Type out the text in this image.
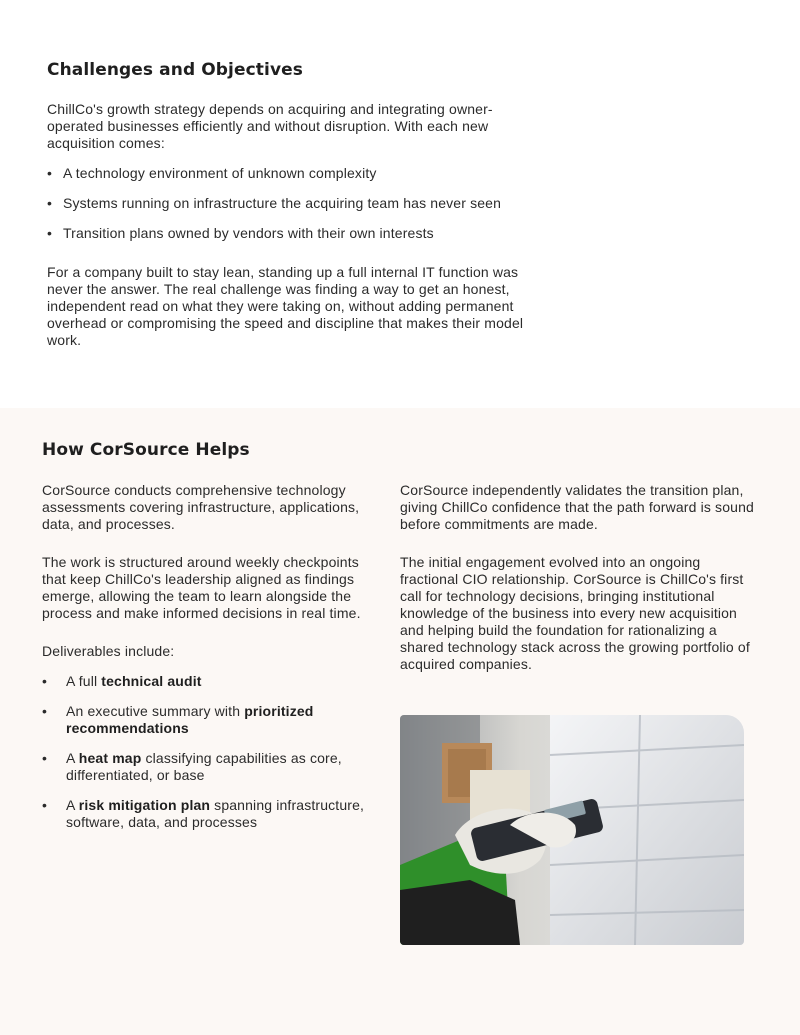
Challenges and Objectives

ChillCo's growth strategy depends on acquiring and integrating owner-operated businesses efficiently and without disruption. With each new acquisition comes:

• A technology environment of unknown complexity
• Systems running on infrastructure the acquiring team has never seen
• Transition plans owned by vendors with their own interests

For a company built to stay lean, standing up a full internal IT function was never the answer. The real challenge was finding a way to get an honest, independent read on what they were taking on, without adding permanent overhead or compromising the speed and discipline that makes their model work.

How CorSource Helps

CorSource conducts comprehensive technology assessments covering infrastructure, applications, data, and processes.

The work is structured around weekly checkpoints that keep ChillCo's leadership aligned as findings emerge, allowing the team to learn alongside the process and make informed decisions in real time.

Deliverables include:

• A full technical audit
• An executive summary with prioritized recommendations
• A heat map classifying capabilities as core, differentiated, or base
• A risk mitigation plan spanning infrastructure, software, data, and processes

CorSource independently validates the transition plan, giving ChillCo confidence that the path forward is sound before commitments are made.

The initial engagement evolved into an ongoing fractional CIO relationship. CorSource is ChillCo's first call for technology decisions, bringing institutional knowledge of the business into every new acquisition and helping build the foundation for rationalizing a shared technology stack across the growing portfolio of acquired companies.
